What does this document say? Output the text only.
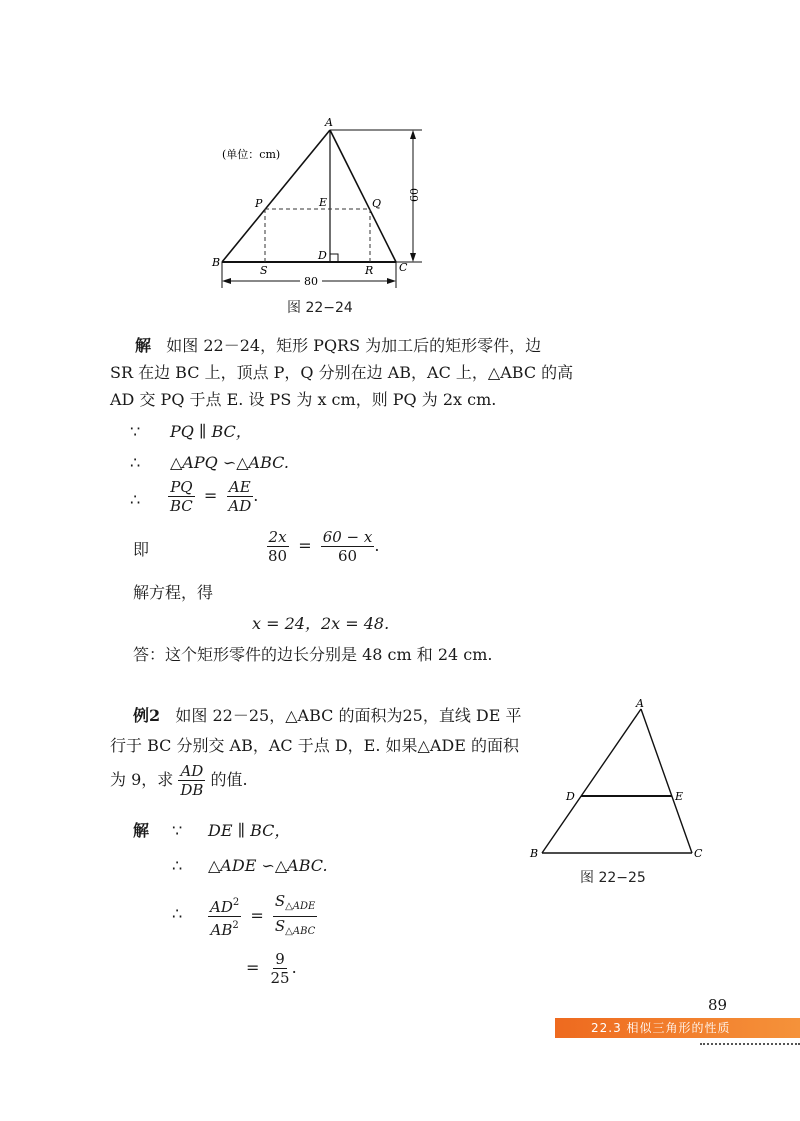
60
80
(单位：cm)
A
B	C
D
E
P	Q
S	R
图 22−24
解 如图 22－24，矩形 PQRS 为加工后的矩形零件，边
SR 在边 BC 上，顶点 P，Q 分别在边 AB，AC 上，△ABC 的高
AD 交 PQ 于点 E. 设 PS 为 x cm，则 PQ 为 2x cm.
∵ PQ ∥ BC，
∴ △APQ ∽△ABC.
∴ $\frac{PQ}{BC} = \frac{AE}{AD}$ .
即	$\frac{2x}{80} = \frac{60 - x}{60}$ .
解方程，得
x = 24，2x = 48.
答：这个矩形零件的边长分别是 48 cm 和 24 cm.
例2 如图 22－25，△ABC 的面积为25，直线 DE 平
行于 BC 分别交 AB，AC 于点 D，E. 如果△ADE 的面积
为 9，求 $\frac{AD}{DB}$ 的值.
解 ∵ DE ∥ BC，
∴ △ADE ∽△ABC.
∴ $\frac{AD^2}{AB^2} = \frac{S_{\triangle ADE}}{S_{\triangle ABC}}$
= $\frac{9}{25}$ .
A
B	C
D	E
图 22−25
89
22.3 相似三角形的性质
